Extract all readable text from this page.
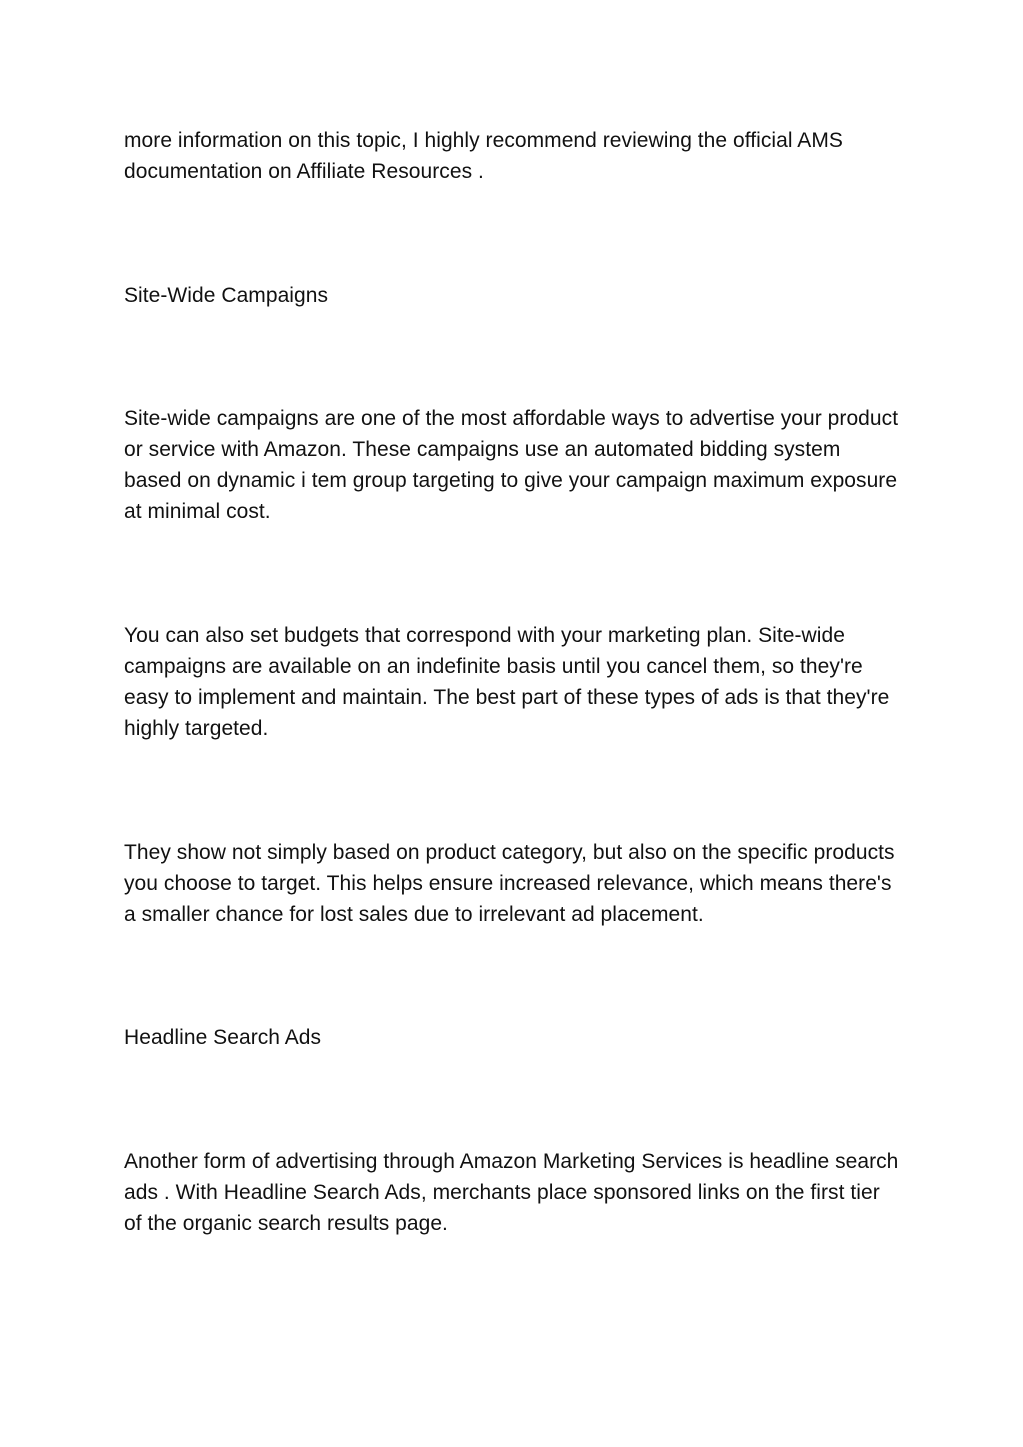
more information on this topic, I highly recommend reviewing the official AMS documentation on Affiliate Resources .

Site-Wide Campaigns

Site-wide campaigns are one of the most affordable ways to advertise your product or service with Amazon. These campaigns use an automated bidding system based on dynamic i tem group targeting to give your campaign maximum exposure at minimal cost.

You can also set budgets that correspond with your marketing plan. Site-wide campaigns are available on an indefinite basis until you cancel them, so they're easy to implement and maintain. The best part of these types of ads is that they're highly targeted.

They show not simply based on product category, but also on the specific products you choose to target. This helps ensure increased relevance, which means there's a smaller chance for lost sales due to irrelevant ad placement.

Headline Search Ads

Another form of advertising through Amazon Marketing Services is headline search ads . With Headline Search Ads, merchants place sponsored links on the first tier of the organic search results page.
